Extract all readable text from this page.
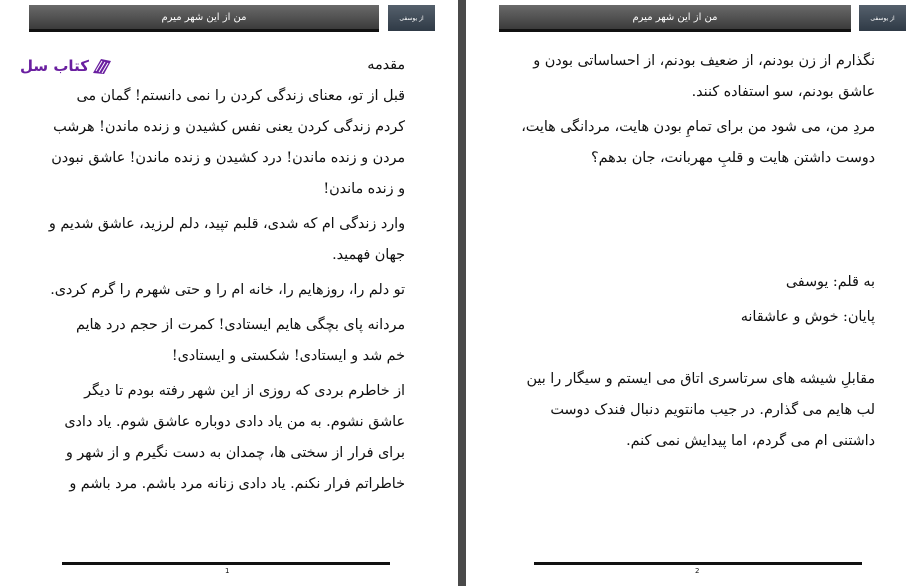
من از این شهر میرم	از یوسفی
کتاب سل	مقدمه

قبل از تو، معنای زندگی کردن را نمی دانستم! گمان می
کردم زندگی کردن یعنی نفس کشیدن و زنده ماندن! هرشب
مردن و زنده ماندن! درد کشیدن و زنده ماندن! عاشق نبودن
و زنده ماندن!

وارد زندگی ام که شدی، قلبم تپید، دلم لرزید، عاشق شدیم و
جهان فهمید.

تو دلم را، روزهایم را، خانه ام را و حتی شهرم را گرم کردی.

مردانه پای بچگی هایم ایستادی! کمرت از حجم درد هایم
خم شد و ایستادی! شکستی و ایستادی!

از خاطرم بردی که روزی از این شهر رفته بودم تا دیگر
عاشق نشوم. به من یاد دادی دوباره عاشق شوم. یاد دادی
برای فرار از سختی ها، چمدان به دست نگیرم و از شهر و
خاطراتم فرار نکنم. یاد دادی زنانه مرد باشم. مرد باشم و

1
من از این شهر میرم	از یوسفی

نگذارم از زن بودنم، از ضعیف بودنم، از احساساتی بودن و
عاشق بودنم، سو استفاده کنند.

مردِ من، می شود من برای تمامِ بودن هایت، مردانگی هایت،
دوست داشتن هایت و قلبِ مهربانت، جان بدهم؟

به قلم: یوسفی

پایان: خوش و عاشقانه

مقابلِ شیشه های سرتاسری اتاق می ایستم و سیگار را بین
لب هایم می گذارم. در جیب مانتویم دنبال فندک دوست
داشتنی ام می گردم، اما پیدایش نمی کنم.

2
